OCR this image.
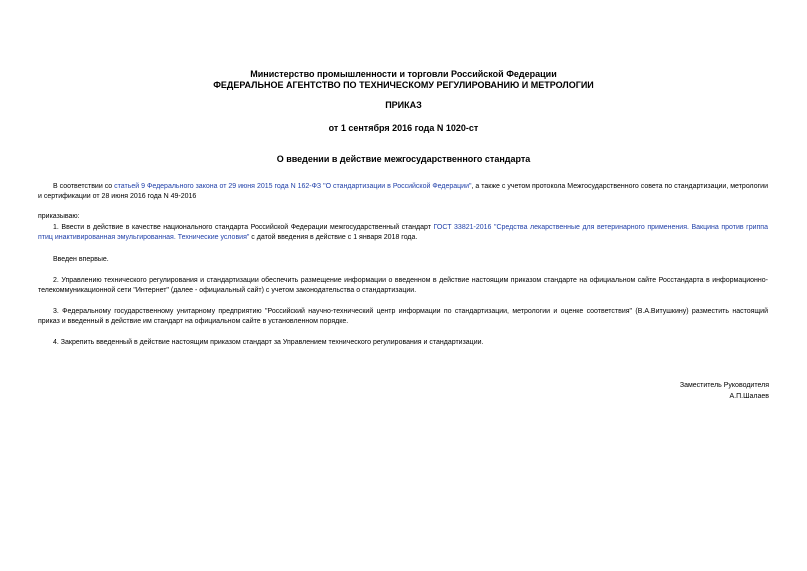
Министерство промышленности и торговли Российской Федерации
ФЕДЕРАЛЬНОЕ АГЕНТСТВО ПО ТЕХНИЧЕСКОМУ РЕГУЛИРОВАНИЮ И МЕТРОЛОГИИ
ПРИКАЗ
от 1 сентября 2016 года N 1020-ст
О введении в действие межгосударственного стандарта
В соответствии со статьей 9 Федерального закона от 29 июня 2015 года N 162-ФЗ "О стандартизации в Российской Федерации", а также с учетом протокола Межгосударственного совета по стандартизации, метрологии и сертификации от 28 июня 2016 года N 49-2016
приказываю:
1. Ввести в действие в качестве национального стандарта Российской Федерации межгосударственный стандарт ГОСТ 33821-2016 "Средства лекарственные для ветеринарного применения. Вакцина против гриппа птиц инактивированная эмульгированная. Технические условия" с датой введения в действие с 1 января 2018 года.
Введен впервые.
2. Управлению технического регулирования и стандартизации обеспечить размещение информации о введенном в действие настоящим приказом стандарте на официальном сайте Росстандарта в информационно-телекоммуникационной сети "Интернет" (далее - официальный сайт) с учетом законодательства о стандартизации.
3. Федеральному государственному унитарному предприятию "Российский научно-технический центр информации по стандартизации, метрологии и оценке соответствия" (В.А.Витушкину) разместить настоящий приказ и введенный в действие им стандарт на официальном сайте в установленном порядке.
4. Закрепить введенный в действие настоящим приказом стандарт за Управлением технического регулирования и стандартизации.
Заместитель Руководителя
А.П.Шалаев
